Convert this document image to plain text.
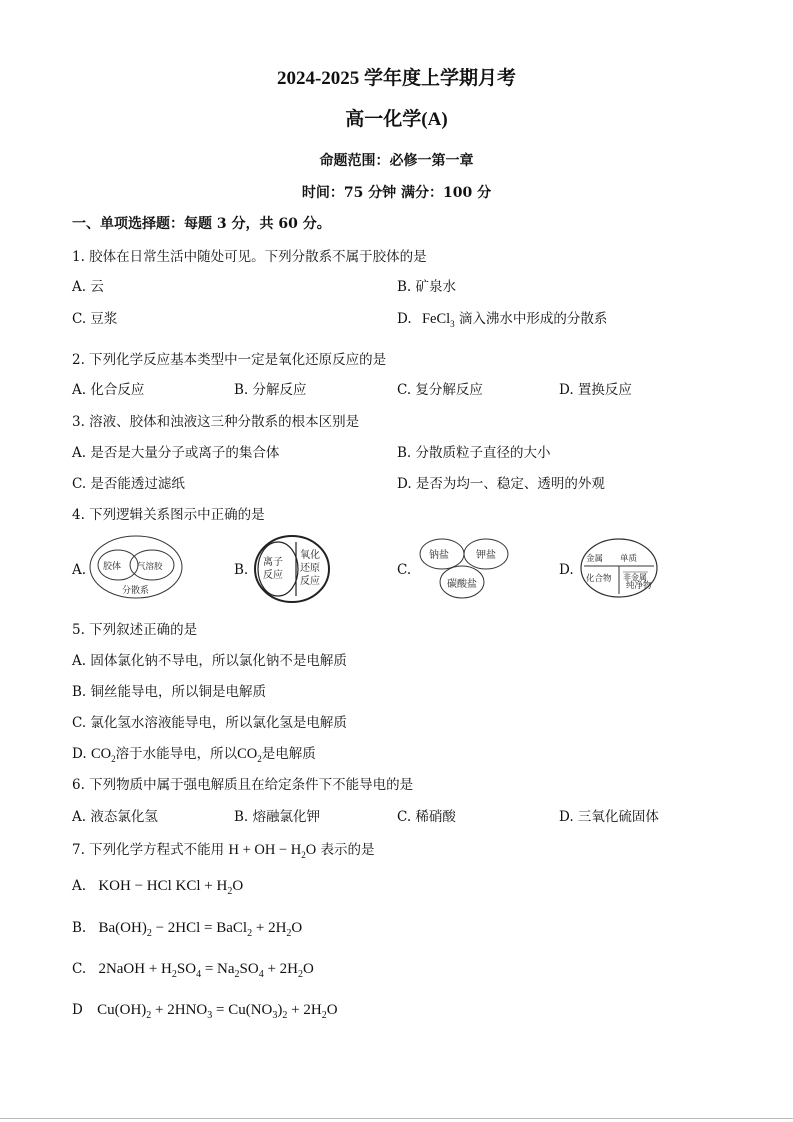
2024-2025 学年度上学期月考
高一化学(A)
命题范围：必修一第一章
时间：75 分钟 满分：100 分
一、单项选择题：每题 3 分，共 60 分。
1. 胶体在日常生活中随处可见。下列分散系不属于胶体的是
A. 云	B. 矿泉水
C. 豆浆	D. FeCl$_3$ 滴入沸水中形成的分散系
2. 下列化学反应基本类型中一定是氧化还原反应的是
A. 化合反应	B. 分解反应	C. 复分解反应	D. 置换反应
3. 溶液、胶体和浊液这三种分散系的根本区别是
A. 是否是大量分子或离子的集合体	B. 分散质粒子直径的大小
C. 是否能透过滤纸	D. 是否为均一、稳定、透明的外观
4. 下列逻辑关系图示中正确的是
A.	B.	C.	D.
胶体 气溶胶
分散系
离子
反应
氧化
还原
反应
钠盐	钾盐
碳酸盐
金属 单质
化合物
纯净物
非金属
5. 下列叙述正确的是
A. 固体氯化钠不导电，所以氯化钠不是电解质
B. 铜丝能导电，所以铜是电解质
C. 氯化氢水溶液能导电，所以氯化氢是电解质
D. $CO_2$溶于水能导电，所以$CO_2$是电解质
6. 下列物质中属于强电解质且在给定条件下不能导电的是
A. 液态氯化氢	B. 熔融氯化钾	C. 稀硝酸	D. 三氧化硫固体
7. 下列化学方程式不能用 H + OH − $H_2O$ 表示的是
A. KOH − HCl KCl + $H_2O$
B. $Ba(OH)_2 - 2HCl$ = BaCl$_2$ + $2H_2O$
C. 2NaOH + $H_2SO_4 = Na_2SO_4 + 2H_2O$
D $Cu(OH)_2 + 2HNO_3 = Cu(NO_3)_2 + 2H_2O$
